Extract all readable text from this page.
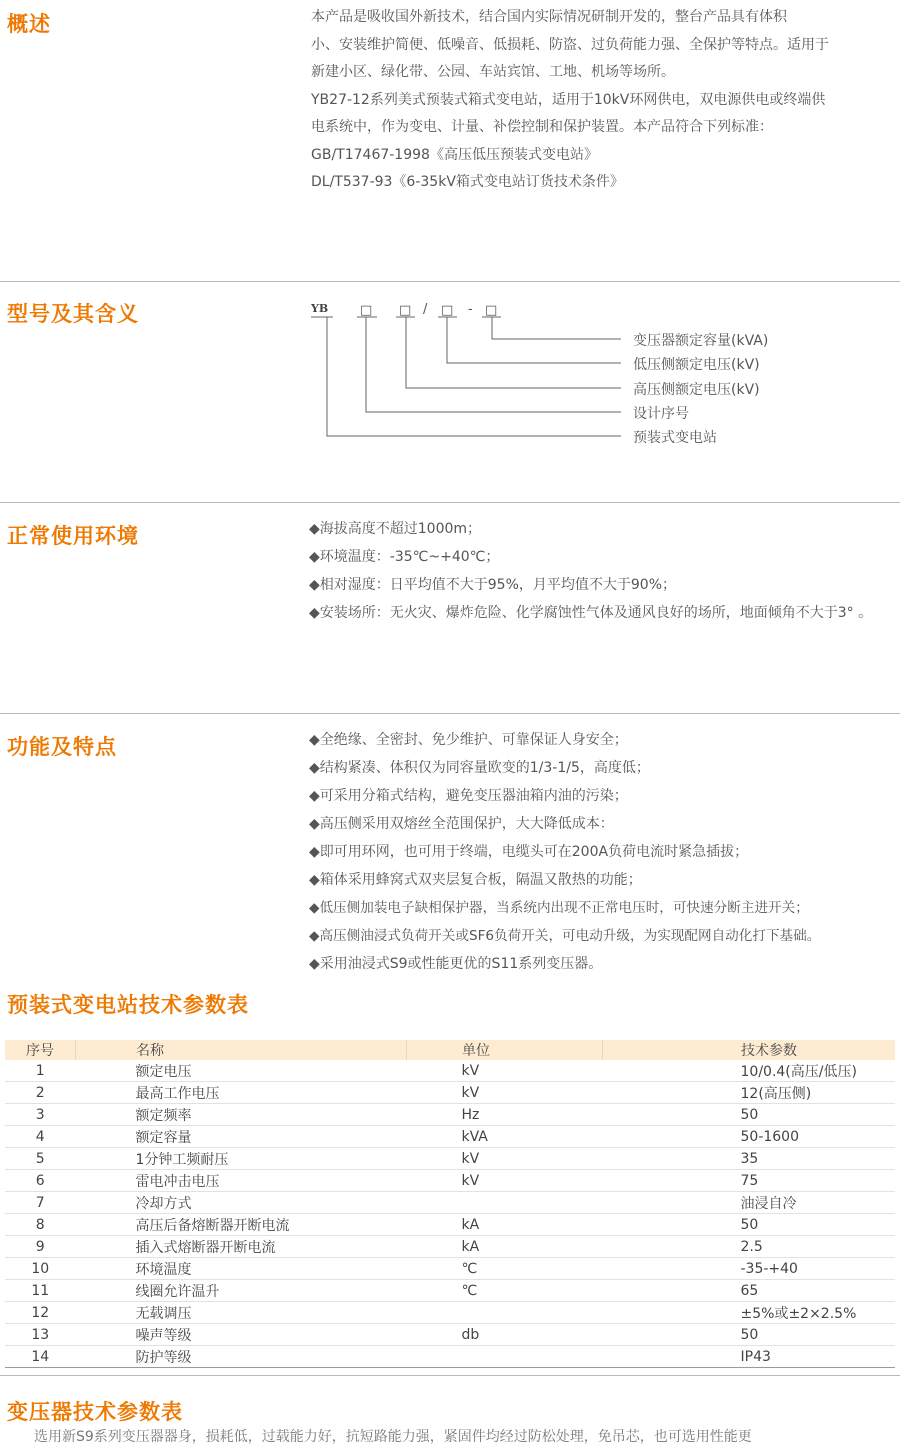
概述	本产品是吸收国外新技术，结合国内实际情况研制开发的，整台产品具有体积
小、安装维护简便、低噪音、低损耗、防盗、过负荷能力强、全保护等特点。适用于
新建小区、绿化带、公园、车站宾馆、工地、机场等场所。
YB27-12系列美式预装式箱式变电站，适用于10kV环网供电，双电源供电或终端供
电系统中，作为变电、计量、补偿控制和保护装置。本产品符合下列标准：
GB/T17467-1998《高压低压预装式变电站》
DL/T537-93《6-35kV箱式变电站订货技术条件》
型号及其含义	YB □ □ / □ - □
变压器额定容量(kVA)
低压侧额定电压(kV)
高压侧额定电压(kV)
设计序号
预装式变电站
正常使用环境	◆海拔高度不超过1000m；
◆环境温度：-35℃~+40℃；
◆相对湿度：日平均值不大于95%，月平均值不大于90%；
◆安装场所：无火灾、爆炸危险、化学腐蚀性气体及通风良好的场所，地面倾角不大于3° 。
功能及特点	◆全绝缘、全密封、免少维护、可靠保证人身安全；
◆结构紧凑、体积仅为同容量欧变的1/3-1/5，高度低；
◆可采用分箱式结构，避免变压器油箱内油的污染；
◆高压侧采用双熔丝全范围保护，大大降低成本：
◆即可用环网，也可用于终端，电缆头可在200A负荷电流时紧急插拔；
◆箱体采用蜂窝式双夹层复合板，隔温又散热的功能；
◆低压侧加装电子缺相保护器，当系统内出现不正常电压时，可快速分断主进开关；
◆高压侧油浸式负荷开关或SF6负荷开关，可电动升级，为实现配网自动化打下基础。
◆采用油浸式S9或性能更优的S11系列变压器。
预装式变电站技术参数表
序号	名称	单位	技术参数
1	额定电压	kV	10/0.4(高压/低压)
2	最高工作电压	kV	12(高压侧)
3	额定频率	Hz	50
4	额定容量	kVA	50-1600
5	1分钟工频耐压	kV	35
6	雷电冲击电压	kV	75
7	冷却方式		油浸自冷
8	高压后备熔断器开断电流	kA	50
9	插入式熔断器开断电流	kA	2.5
10	环境温度	℃	-35-+40
11	线圈允许温升	℃	65
12	无载调压		±5%或±2×2.5%
13	噪声等级	db	50
14	防护等级		IP43
变压器技术参数表
选用新S9系列变压器器身，损耗低，过载能力好，抗短路能力强，紧固件均经过防松处理，免吊芯，也可选用性能更
